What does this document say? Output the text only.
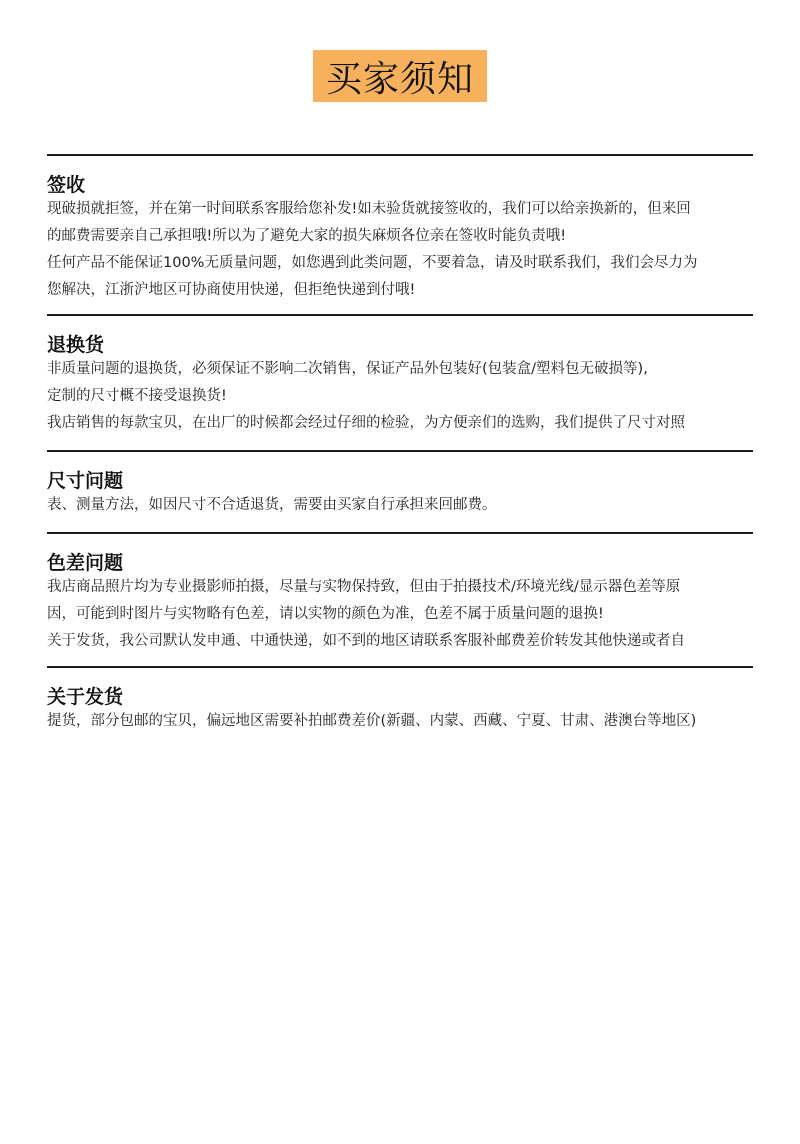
买家须知
签收
现破损就拒签，并在第一时间联系客服给您补发!如未验货就接签收的，我们可以给亲换新的，但来回
的邮费需要亲自己承担哦!所以为了避免大家的损失麻烦各位亲在签收时能负责哦!
任何产品不能保证100%无质量问题，如您遇到此类问题，不要着急，请及时联系我们，我们会尽力为
您解决，江浙沪地区可协商使用快递，但拒绝快递到付哦!
退换货
非质量问题的退换货，必须保证不影响二次销售，保证产品外包装好(包装盒/塑料包无破损等),
定制的尺寸概不接受退换货!
我店销售的每款宝贝，在出厂的时候都会经过仔细的检验，为方便亲们的选购，我们提供了尺寸对照
尺寸问题
表、测量方法，如因尺寸不合适退货，需要由买家自行承担来回邮费。
色差问题
我店商品照片均为专业摄影师拍摄，尽量与实物保持致，但由于拍摄技术/环境光线/显示器色差等原
因，可能到时图片与实物略有色差，请以实物的颜色为准，色差不属于质量问题的退换!
关于发货，我公司默认发申通、中通快递，如不到的地区请联系客服补邮费差价转发其他快递或者自
关于发货
提货，部分包邮的宝贝，偏远地区需要补拍邮费差价(新疆、内蒙、西藏、宁夏、甘肃、港澳台等地区)
